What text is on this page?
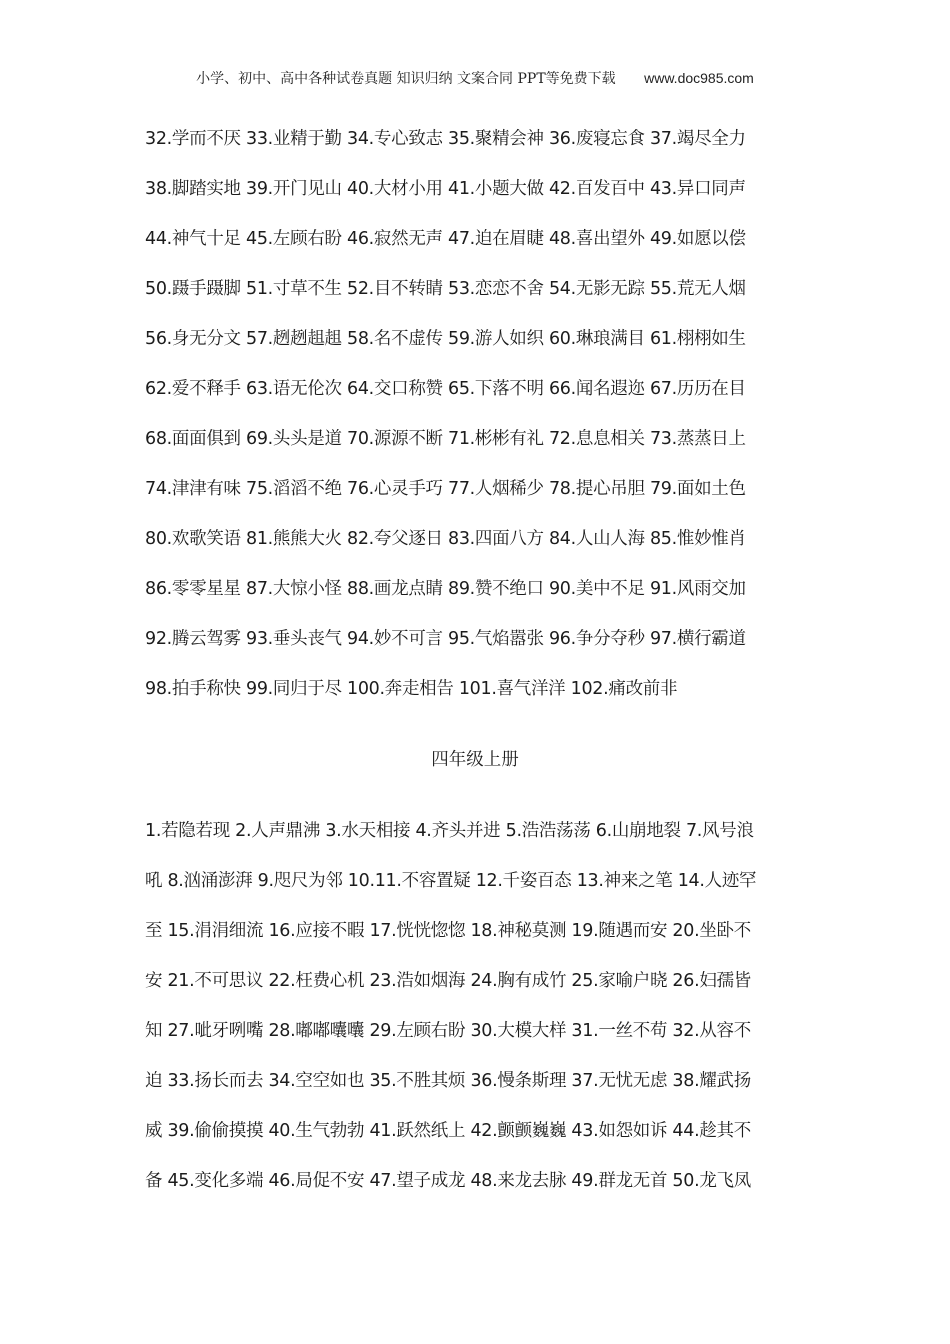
小学、初中、高中各种试卷真题 知识归纳 文案合同 PPT等免费下载 www.doc985.com
32.学而不厌 33.业精于勤 34.专心致志 35.聚精会神 36.废寝忘食 37.竭尽全力
38.脚踏实地 39.开门见山 40.大材小用 41.小题大做 42.百发百中 43.异口同声
44.神气十足 45.左顾右盼 46.寂然无声 47.迫在眉睫 48.喜出望外 49.如愿以偿
50.蹑手蹑脚 51.寸草不生 52.目不转睛 53.恋恋不舍 54.无影无踪 55.荒无人烟
56.身无分文 57.趔趔趄趄 58.名不虚传 59.游人如织 60.琳琅满目 61.栩栩如生
62.爱不释手 63.语无伦次 64.交口称赞 65.下落不明 66.闻名遐迩 67.历历在目
68.面面俱到 69.头头是道 70.源源不断 71.彬彬有礼 72.息息相关 73.蒸蒸日上
74.津津有味 75.滔滔不绝 76.心灵手巧 77.人烟稀少 78.提心吊胆 79.面如土色
80.欢歌笑语 81.熊熊大火 82.夸父逐日 83.四面八方 84.人山人海 85.惟妙惟肖
86.零零星星 87.大惊小怪 88.画龙点睛 89.赞不绝口 90.美中不足 91.风雨交加
92.腾云驾雾 93.垂头丧气 94.妙不可言 95.气焰嚣张 96.争分夺秒 97.横行霸道
98.拍手称快 99.同归于尽 100.奔走相告 101.喜气洋洋 102.痛改前非
四年级上册
1.若隐若现 2.人声鼎沸 3.水天相接 4.齐头并进 5.浩浩荡荡 6.山崩地裂 7.风号浪
吼 8.汹涌澎湃 9.咫尺为邻 10.11.不容置疑 12.千姿百态 13.神来之笔 14.人迹罕
至 15.涓涓细流 16.应接不暇 17.恍恍惚惚 18.神秘莫测 19.随遇而安 20.坐卧不
安 21.不可思议 22.枉费心机 23.浩如烟海 24.胸有成竹 25.家喻户晓 26.妇孺皆
知 27.呲牙咧嘴 28.嘟嘟囔囔 29.左顾右盼 30.大模大样 31.一丝不苟 32.从容不
迫 33.扬长而去 34.空空如也 35.不胜其烦 36.慢条斯理 37.无忧无虑 38.耀武扬
威 39.偷偷摸摸 40.生气勃勃 41.跃然纸上 42.颤颤巍巍 43.如怨如诉 44.趁其不
备 45.变化多端 46.局促不安 47.望子成龙 48.来龙去脉 49.群龙无首 50.龙飞凤
